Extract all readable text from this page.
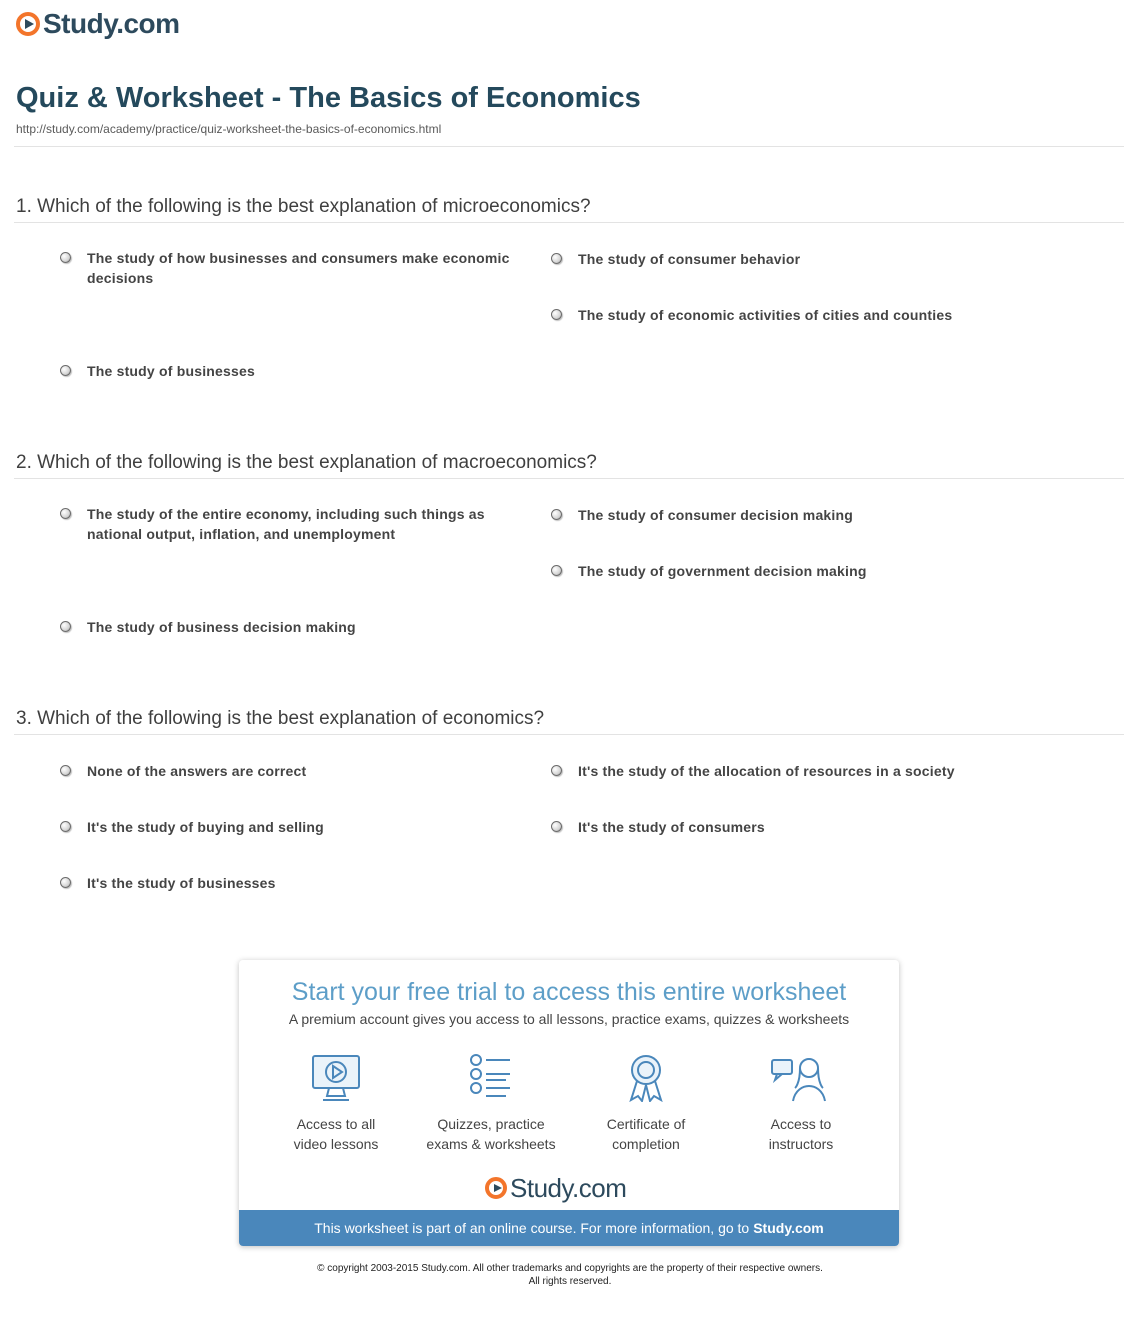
Study.com
Quiz & Worksheet - The Basics of Economics
http://study.com/academy/practice/quiz-worksheet-the-basics-of-economics.html
1. Which of the following is the best explanation of microeconomics?
The study of how businesses and consumers make economic decisions
The study of consumer behavior
The study of economic activities of cities and counties
The study of businesses
2. Which of the following is the best explanation of macroeconomics?
The study of the entire economy, including such things as national output, inflation, and unemployment
The study of consumer decision making
The study of government decision making
The study of business decision making
3. Which of the following is the best explanation of economics?
None of the answers are correct	It's the study of the allocation of resources in a society
It's the study of buying and selling	It's the study of consumers
It's the study of businesses
Start your free trial to access this entire worksheet
A premium account gives you access to all lessons, practice exams, quizzes & worksheets
Access to all
video lessons
Quizzes, practice
exams & worksheets
Certificate of
completion
Access to
instructors
Study.com
This worksheet is part of an online course. For more information, go to Study.com
© copyright 2003-2015 Study.com. All other trademarks and copyrights are the property of their respective owners.
All rights reserved.
